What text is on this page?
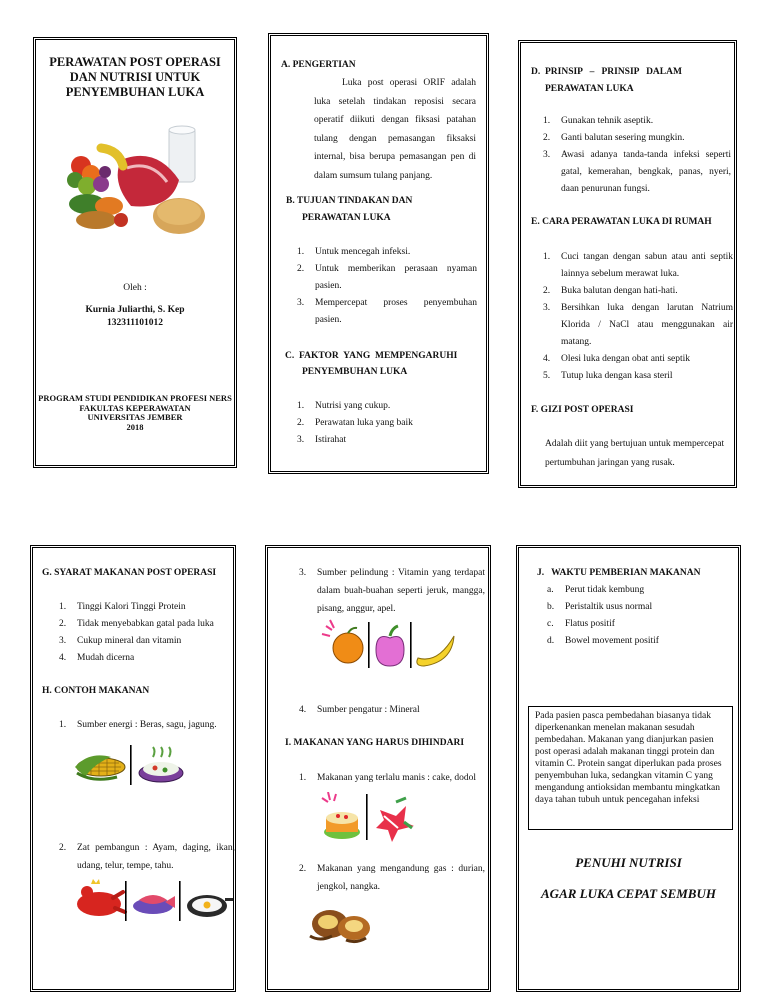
PERAWATAN POST OPERASI
DAN NUTRISI UNTUK
PENYEMBUHAN LUKA
Oleh :
Kurnia Juliarthi, S. Kep
132311101012
PROGRAM STUDI PENDIDIKAN PROFESI NERS
FAKULTAS KEPERAWATAN
UNIVERSITAS JEMBER
2018
A. PENGERTIAN
Luka post operasi ORIF adalah luka setelah tindakan reposisi secara operatif diikuti dengan fiksasi patahan tulang dengan pemasangan fiksaksi internal, bisa berupa pemasangan pen di dalam sumsum tulang panjang.
B. TUJUAN TINDAKAN DAN
PERAWATAN LUKA
1. Untuk mencegah infeksi.
2. Untuk memberikan perasaan nyaman pasien.
3. Mempercepat proses penyembuhan pasien.
C.  FAKTOR  YANG  MEMPENGARUHI
PENYEMBUHAN LUKA
1. Nutrisi yang cukup.
2. Perawatan luka yang baik
3. Istirahat
D.  PRINSIP   –   PRINSIP   DALAM
PERAWATAN LUKA
1. Gunakan tehnik aseptik.
2. Ganti balutan sesering mungkin.
3. Awasi adanya tanda-tanda infeksi seperti gatal, kemerahan, bengkak, panas, nyeri, daan penurunan fungsi.
E. CARA PERAWATAN LUKA DI RUMAH
1. Cuci tangan dengan sabun atau anti septik lainnya sebelum merawat luka.
2. Buka balutan dengan hati-hati.
3. Bersihkan luka dengan larutan Natrium Klorida / NaCl atau menggunakan air matang.
4. Olesi luka dengan obat anti septik
5. Tutup luka dengan kasa steril
F. GIZI POST OPERASI
Adalah diit yang bertujuan untuk mempercepat pertumbuhan jaringan yang rusak.
G. SYARAT MAKANAN POST OPERASI
1. Tinggi Kalori Tinggi Protein
2. Tidak menyebabkan gatal pada luka
3. Cukup mineral dan vitamin
4. Mudah dicerna
H. CONTOH MAKANAN
1. Sumber energi : Beras, sagu, jagung.
2. Zat pembangun : Ayam, daging, ikan, udang, telur, tempe, tahu.
3. Sumber pelindung : Vitamin yang terdapat dalam buah-buahan seperti jeruk, mangga, pisang, anggur, apel.
4. Sumber pengatur : Mineral
I. MAKANAN YANG HARUS DIHINDARI
1. Makanan yang terlalu manis : cake, dodol
2. Makanan yang mengandung gas : durian, jengkol, nangka.
J.   WAKTU PEMBERIAN MAKANAN
a. Perut tidak kembung
b. Peristaltik usus normal
c. Flatus positif
d. Bowel movement positif
Pada pasien pasca pembedahan biasanya tidak diperkenankan menelan makanan sesudah pembedahan. Makanan yang dianjurkan pasien post operasi adalah makanan tinggi protein dan vitamin C. Protein sangat diperlukan pada proses penyembuhan luka, sedangkan vitamin C yang mengandung antioksidan membantu mingkatkan daya tahan tubuh untuk pencegahan infeksi
PENUHI NUTRISI
AGAR LUKA CEPAT SEMBUH
